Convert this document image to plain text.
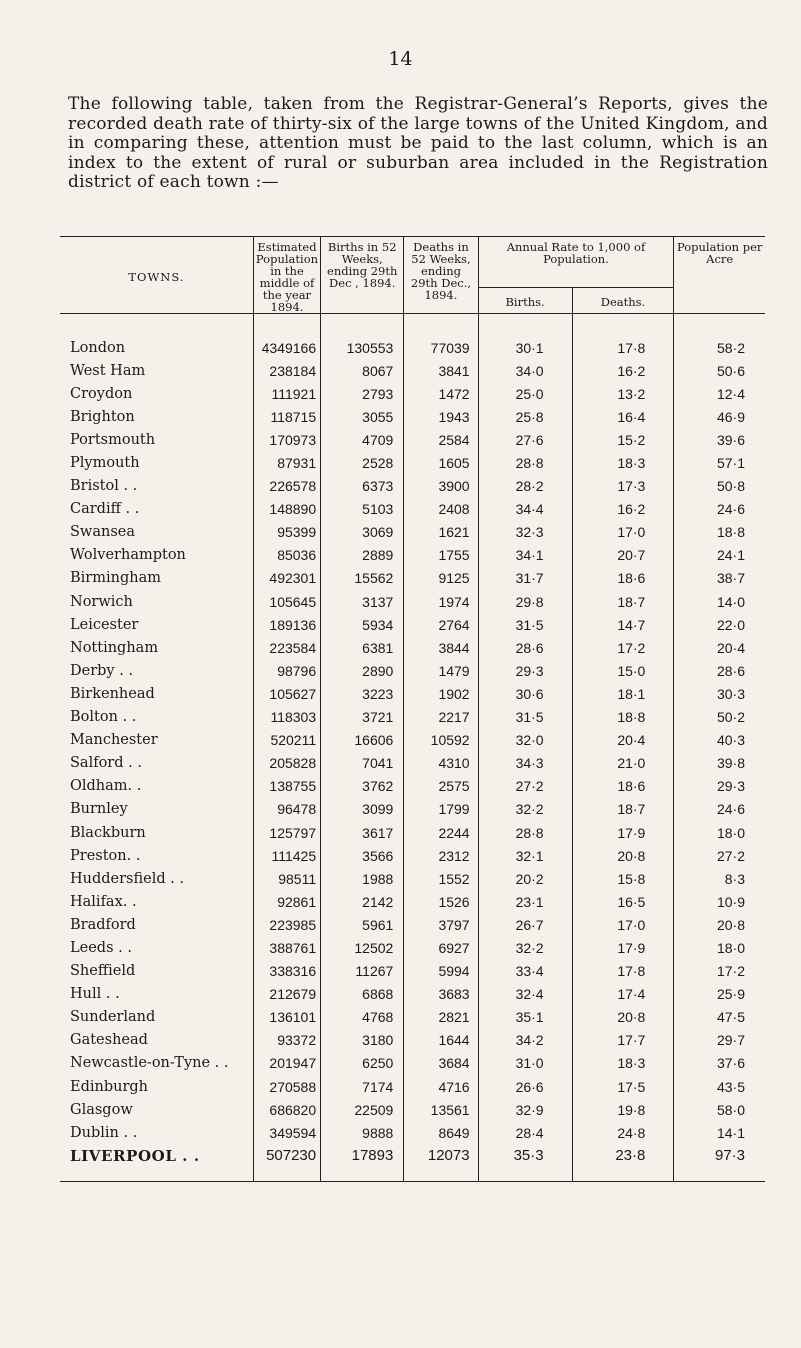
14

The following table, taken from the Registrar-General’s Reports, gives the recorded death rate of thirty-six of the large towns of the United Kingdom, and in comparing these, attention must be paid to the last column, which is an index to the extent of rural or suburban area included in the Registration district of each town :—

TOWNS.	Estimated Population in the middle of the year 1894.	Births in 52 Weeks, ending 29th Dec , 1894.	Deaths in 52 Weeks, ending 29th Dec., 1894.	Annual Rate to 1,000 of Population.		Population per Acre
				Births.	Deaths.	

London	4349166	130553	77039	30·1	17·8	58·2
West Ham	238184	8067	3841	34·0	16·2	50·6
Croydon	111921	2793	1472	25·0	13·2	12·4
Brighton	118715	3055	1943	25·8	16·4	46·9
Portsmouth	170973	4709	2584	27·6	15·2	39·6
Plymouth	87931	2528	1605	28·8	18·3	57·1
Bristol . .	226578	6373	3900	28·2	17·3	50·8
Cardiff . .	148890	5103	2408	34·4	16·2	24·6
Swansea	95399	3069	1621	32·3	17·0	18·8
Wolverhampton	85036	2889	1755	34·1	20·7	24·1
Birmingham	492301	15562	9125	31·7	18·6	38·7
Norwich	105645	3137	1974	29·8	18·7	14·0
Leicester	189136	5934	2764	31·5	14·7	22·0
Nottingham	223584	6381	3844	28·6	17·2	20·4
Derby . .	98796	2890	1479	29·3	15·0	28·6
Birkenhead	105627	3223	1902	30·6	18·1	30·3
Bolton . .	118303	3721	2217	31·5	18·8	50·2
Manchester	520211	16606	10592	32·0	20·4	40·3
Salford . .	205828	7041	4310	34·3	21·0	39·8
Oldham. .	138755	3762	2575	27·2	18·6	29·3
Burnley	96478	3099	1799	32·2	18·7	24·6
Blackburn	125797	3617	2244	28·8	17·9	18·0
Preston. .	111425	3566	2312	32·1	20·8	27·2
Huddersfield . .	98511	1988	1552	20·2	15·8	8·3
Halifax. .	92861	2142	1526	23·1	16·5	10·9
Bradford	223985	5961	3797	26·7	17·0	20·8
Leeds . .	388761	12502	6927	32·2	17·9	18·0
Sheffield	338316	11267	5994	33·4	17·8	17·2
Hull . .	212679	6868	3683	32·4	17·4	25·9
Sunderland	136101	4768	2821	35·1	20·8	47·5
Gateshead	93372	3180	1644	34·2	17·7	29·7
Newcastle-on-Tyne . .	201947	6250	3684	31·0	18·3	37·6
Edinburgh	270588	7174	4716	26·6	17·5	43·5
Glasgow	686820	22509	13561	32·9	19·8	58·0
Dublin . .	349594	9888	8649	28·4	24·8	14·1
LIVERPOOL . .	507230	17893	12073	35·3	23·8	97·3
